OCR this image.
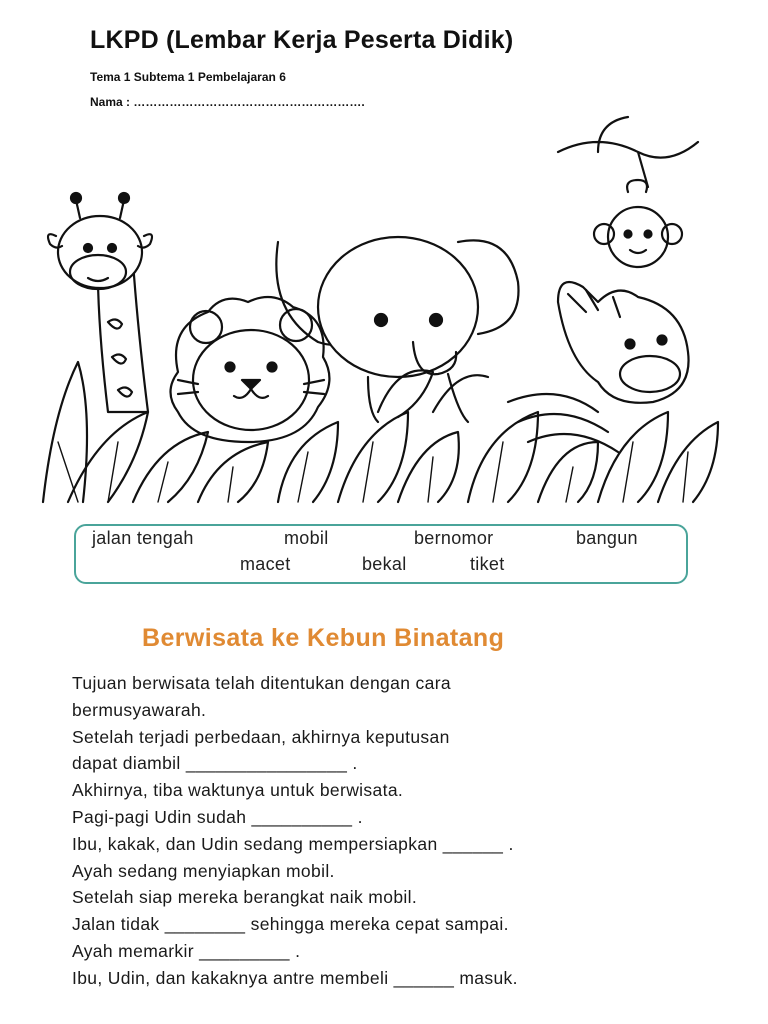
LKPD (Lembar Kerja Peserta Didik)
Tema 1 Subtema 1 Pembelajaran 6
Nama : ………………………………………………….
jalan tengah	mobil	bernomor	bangun
macet	bekal	tiket
Berwisata ke Kebun Binatang
Tujuan berwisata telah ditentukan dengan cara
bermusyawarah.
Setelah terjadi perbedaan, akhirnya keputusan
dapat diambil ________________ .
Akhirnya, tiba waktunya untuk berwisata.
Pagi-pagi Udin sudah __________ .
Ibu, kakak, dan Udin sedang mempersiapkan ______ .
Ayah sedang menyiapkan mobil.
Setelah siap mereka berangkat naik mobil.
Jalan tidak ________ sehingga mereka cepat sampai.
Ayah memarkir _________ .
Ibu, Udin, dan kakaknya antre membeli ______ masuk.
